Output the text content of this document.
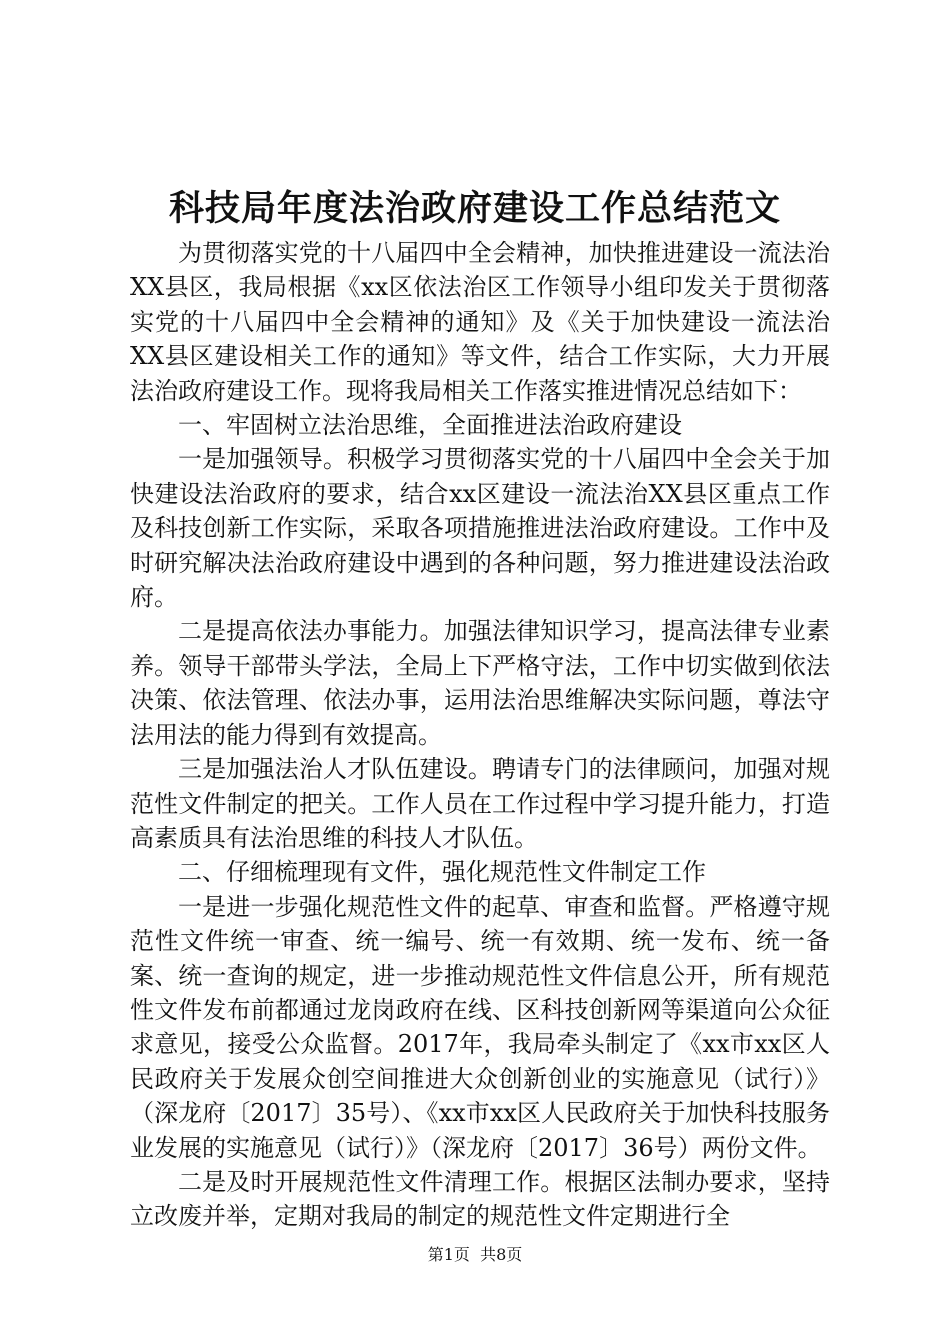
科技局年度法治政府建设工作总结范文

为贯彻落实党的十八届四中全会精神，加快推进建设一流法治XX县区，我局根据《xx区依法治区工作领导小组印发关于贯彻落实党的十八届四中全会精神的通知》及《关于加快建设一流法治XX县区建设相关工作的通知》等文件，结合工作实际，大力开展法治政府建设工作。现将我局相关工作落实推进情况总结如下：

一、牢固树立法治思维，全面推进法治政府建设

一是加强领导。积极学习贯彻落实党的十八届四中全会关于加快建设法治政府的要求，结合xx区建设一流法治XX县区重点工作及科技创新工作实际，采取各项措施推进法治政府建设。工作中及时研究解决法治政府建设中遇到的各种问题，努力推进建设法治政府。

二是提高依法办事能力。加强法律知识学习，提高法律专业素养。领导干部带头学法，全局上下严格守法，工作中切实做到依法决策、依法管理、依法办事，运用法治思维解决实际问题，尊法守法用法的能力得到有效提高。

三是加强法治人才队伍建设。聘请专门的法律顾问，加强对规范性文件制定的把关。工作人员在工作过程中学习提升能力，打造高素质具有法治思维的科技人才队伍。

二、仔细梳理现有文件，强化规范性文件制定工作

一是进一步强化规范性文件的起草、审查和监督。严格遵守规范性文件统一审查、统一编号、统一有效期、统一发布、统一备案、统一查询的规定，进一步推动规范性文件信息公开，所有规范性文件发布前都通过龙岗政府在线、区科技创新网等渠道向公众征求意见，接受公众监督。2017年，我局牵头制定了《xx市xx区人民政府关于发展众创空间推进大众创新创业的实施意见（试行）》（深龙府〔2017〕35号）、《xx市xx区人民政府关于加快科技服务业发展的实施意见（试行）》（深龙府〔2017〕36号）两份文件。

二是及时开展规范性文件清理工作。根据区法制办要求，坚持立改废并举，定期对我局的制定的规范性文件定期进行全

第1页 共8页
